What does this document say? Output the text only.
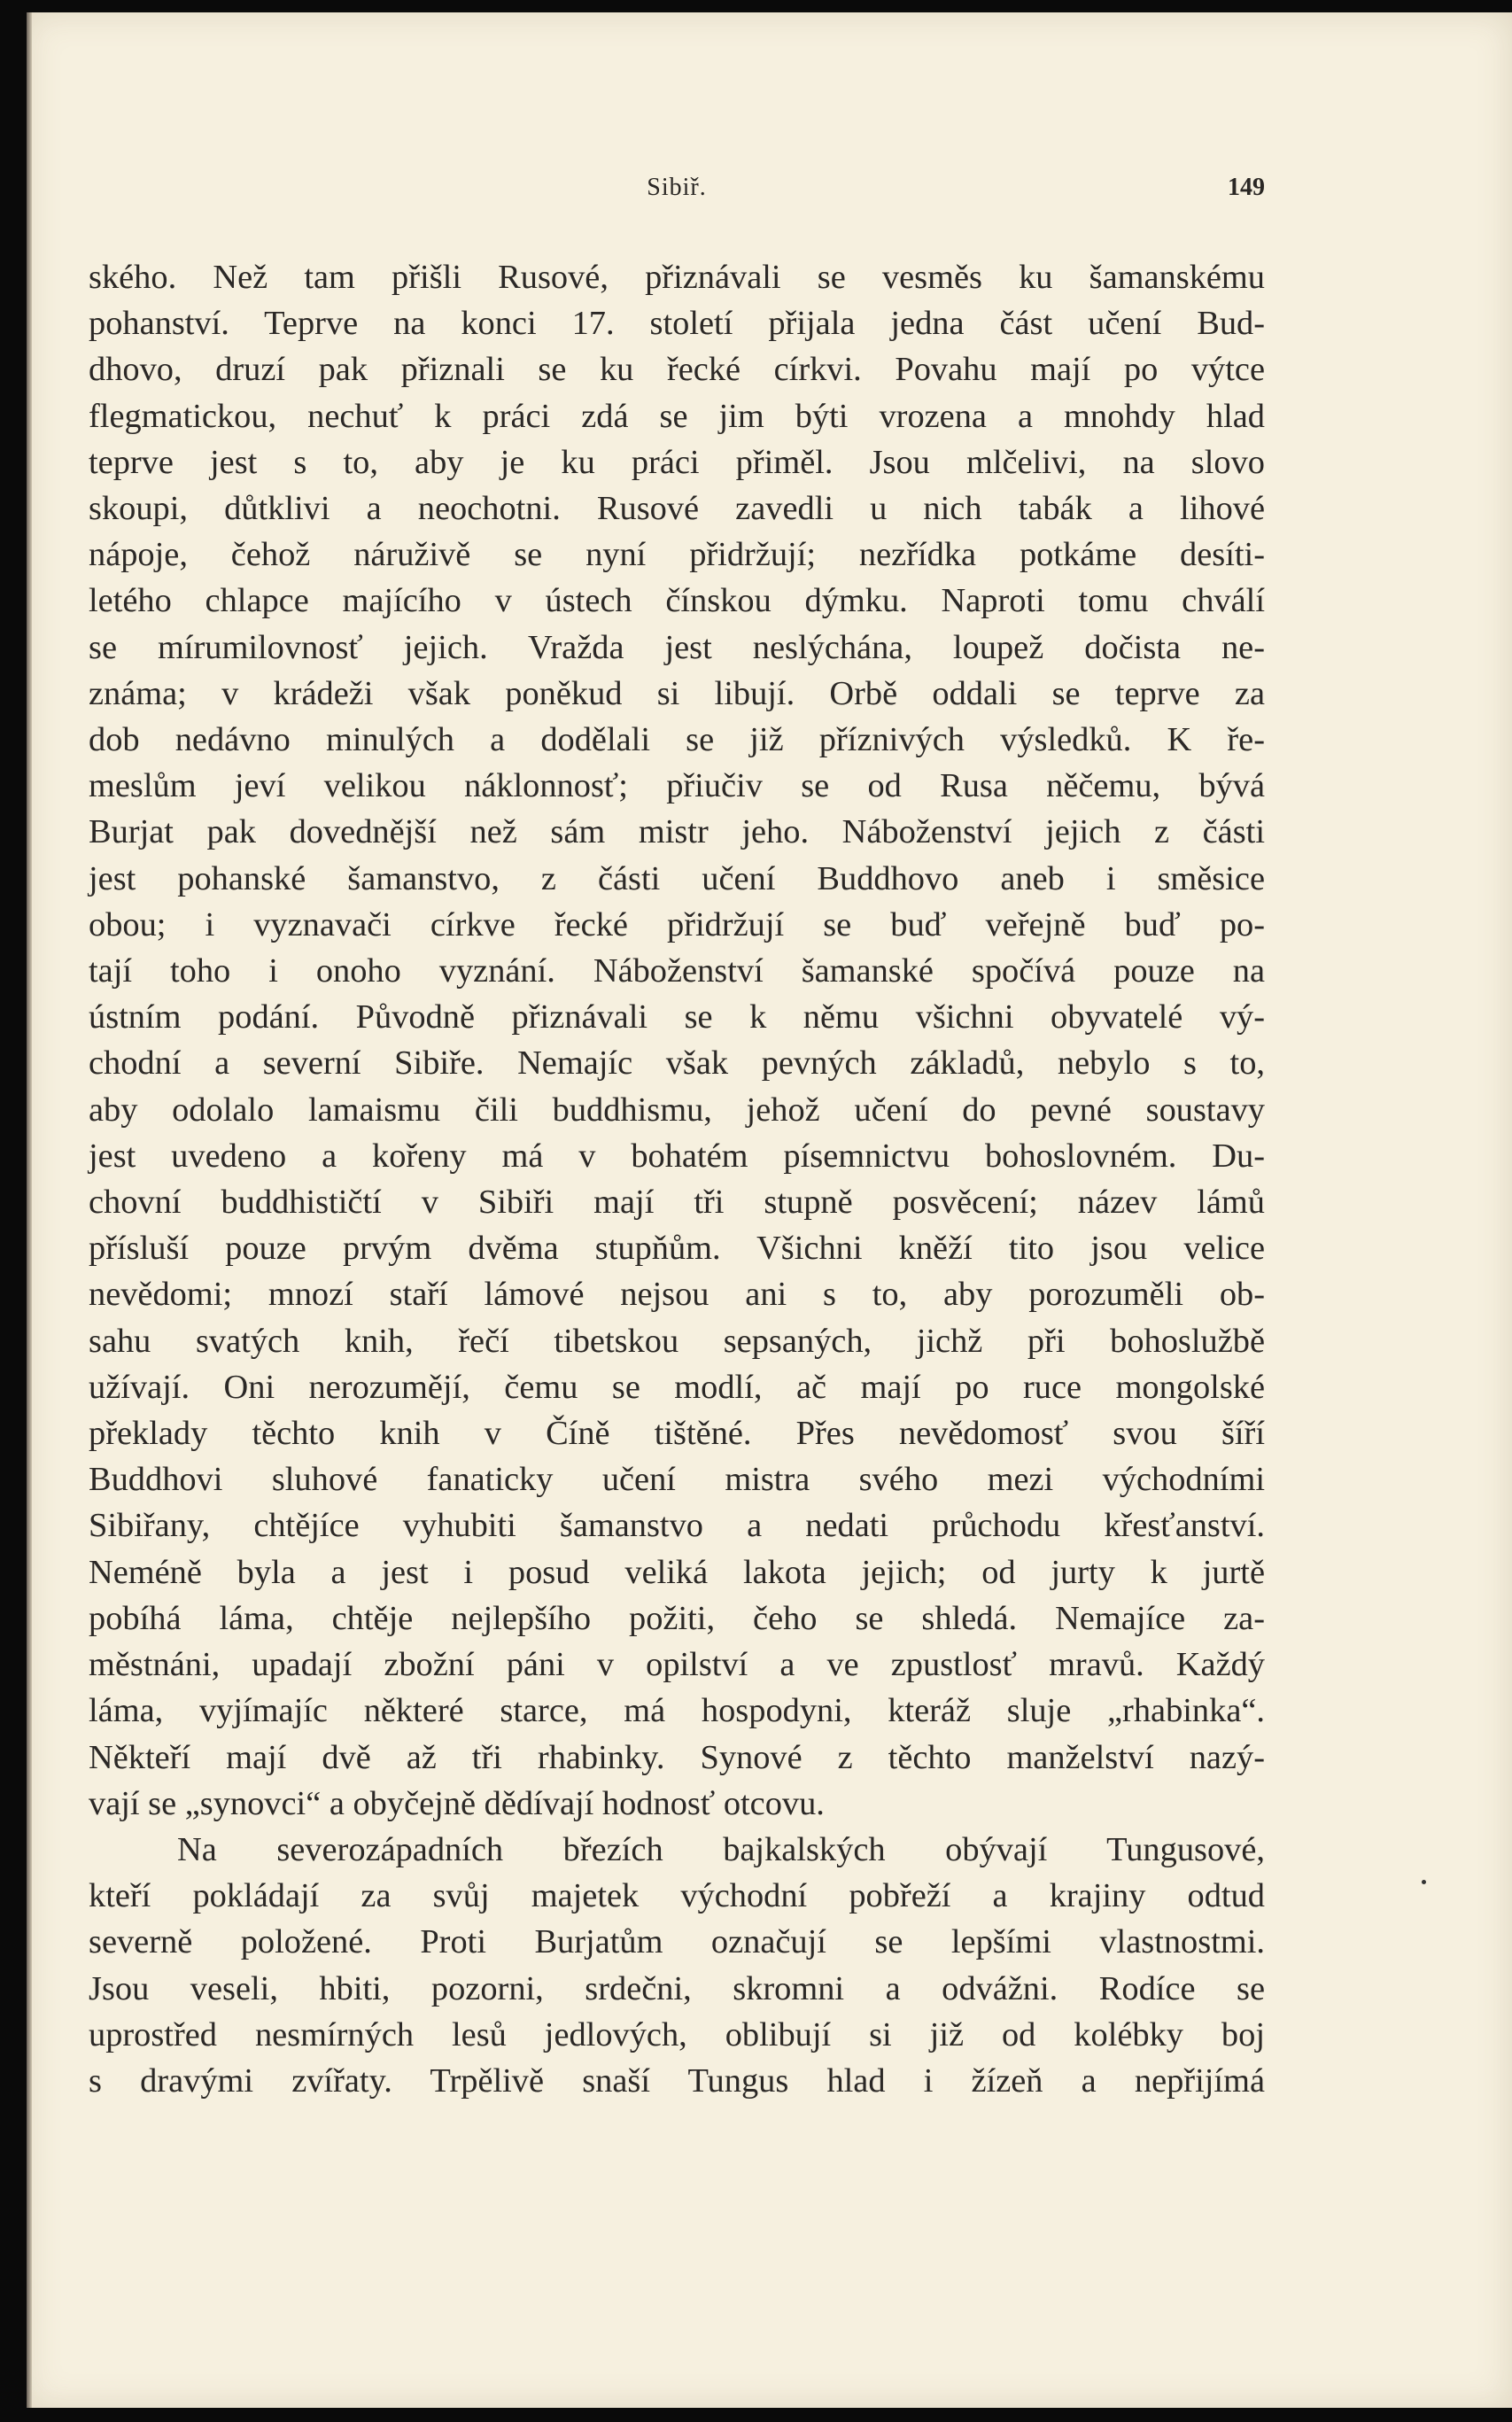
Sibiř.	149
ského. Než tam přišli Rusové, přiznávali se vesměs ku šamanskému
pohanství. Teprve na konci 17. století přijala jedna část učení Bud-
dhovo, druzí pak přiznali se ku řecké církvi. Povahu mají po výtce
flegmatickou, nechuť k práci zdá se jim býti vrozena a mnohdy hlad
teprve jest s to, aby je ku práci přiměl. Jsou mlčelivi, na slovo
skoupi, důtklivi a neochotni. Rusové zavedli u nich tabák a lihové
nápoje, čehož náruživě se nyní přidržují; nezřídka potkáme desíti-
letého chlapce majícího v ústech čínskou dýmku. Naproti tomu chválí
se mírumilovnosť jejich. Vražda jest neslýchána, loupež dočista ne-
známa; v krádeži však poněkud si libují. Orbě oddali se teprve za
dob nedávno minulých a dodělali se již příznivých výsledků. K ře-
meslům jeví velikou náklonnosť; přiučiv se od Rusa něčemu, bývá
Burjat pak dovednější než sám mistr jeho. Náboženství jejich z části
jest pohanské šamanstvo, z části učení Buddhovo aneb i směsice
obou; i vyznavači církve řecké přidržují se buď veřejně buď po-
tají toho i onoho vyznání. Náboženství šamanské spočívá pouze na
ústním podání. Původně přiznávali se k němu všichni obyvatelé vý-
chodní a severní Sibiře. Nemajíc však pevných základů, nebylo s to,
aby odolalo lamaismu čili buddhismu, jehož učení do pevné soustavy
jest uvedeno a kořeny má v bohatém písemnictvu bohoslovném. Du-
chovní buddhističtí v Sibiři mají tři stupně posvěcení; název lámů
přísluší pouze prvým dvěma stupňům. Všichni kněží tito jsou velice
nevědomi; mnozí staří lámové nejsou ani s to, aby porozuměli ob-
sahu svatých knih, řečí tibetskou sepsaných, jichž při bohoslužbě
užívají. Oni nerozumějí, čemu se modlí, ač mají po ruce mongolské
překlady těchto knih v Číně tištěné. Přes nevědomosť svou šíří
Buddhovi sluhové fanaticky učení mistra svého mezi východními
Sibiřany, chtějíce vyhubiti šamanstvo a nedati průchodu křesťanství.
Neméně byla a jest i posud veliká lakota jejich; od jurty k jurtě
pobíhá láma, chtěje nejlepšího požiti, čeho se shledá. Nemajíce za-
městnáni, upadají zbožní páni v opilství a ve zpustlosť mravů. Každý
láma, vyjímajíc některé starce, má hospodyni, kteráž sluje „rhabinka“.
Někteří mají dvě až tři rhabinky. Synové z těchto manželství nazý-
vají se „synovci“ a obyčejně dědívají hodnosť otcovu.
Na severozápadních březích bajkalských obývají Tungusové,
kteří pokládají za svůj majetek východní pobřeží a krajiny odtud
severně položené. Proti Burjatům označují se lepšími vlastnostmi.
Jsou veseli, hbiti, pozorni, srdečni, skromni a odvážni. Rodíce se
uprostřed nesmírných lesů jedlových, oblibují si již od kolébky boj
s dravými zvířaty. Trpělivě snaší Tungus hlad i žízeň a nepřijímá
